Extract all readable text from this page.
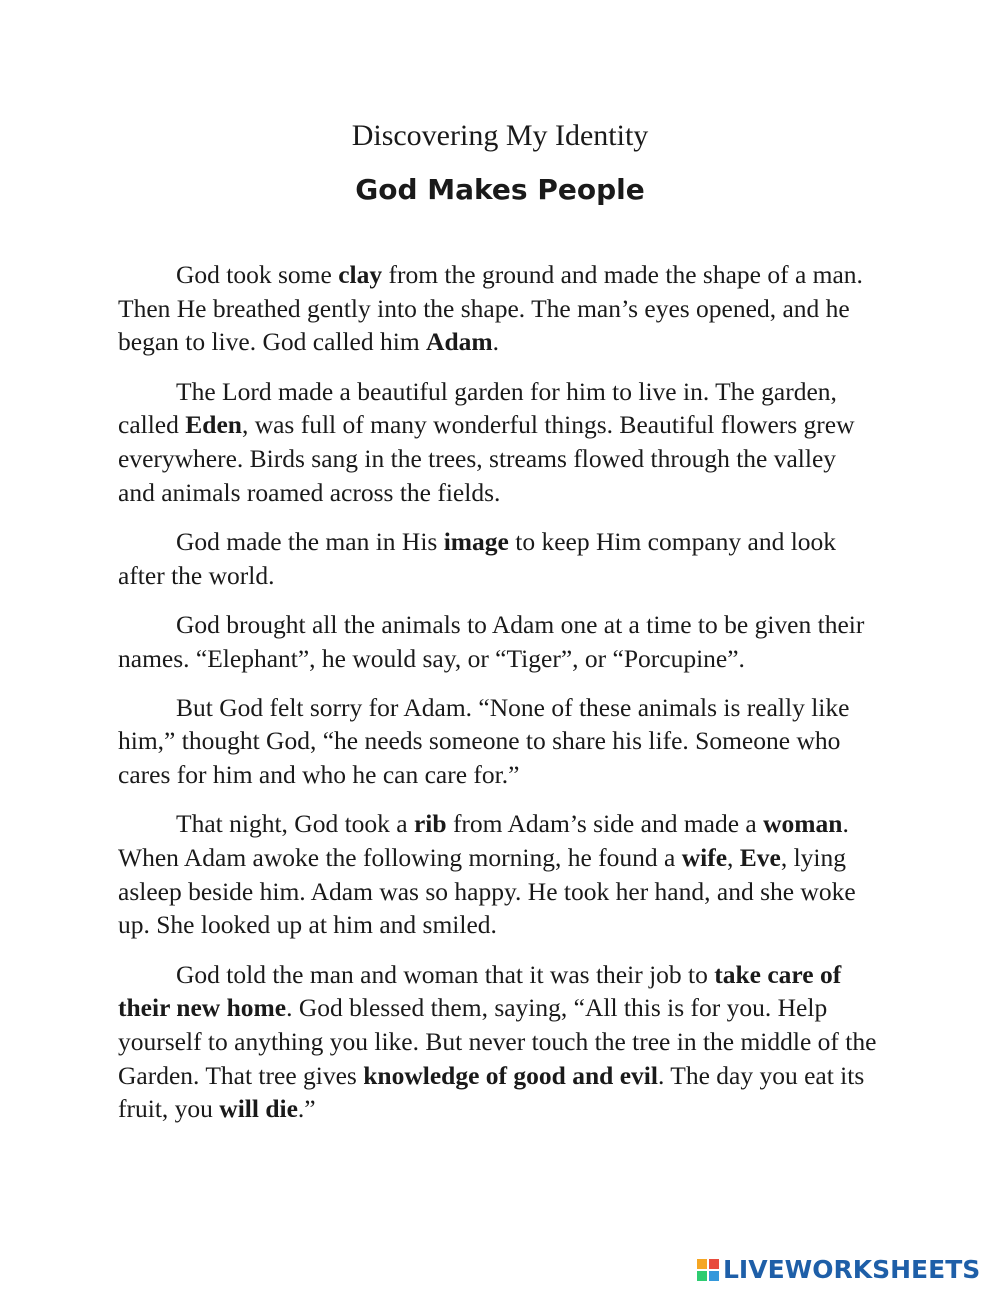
Discovering My Identity
God Makes People

God took some clay from the ground and made the shape of a man. Then He breathed gently into the shape. The man’s eyes opened, and he began to live. God called him Adam.

The Lord made a beautiful garden for him to live in. The garden, called Eden, was full of many wonderful things. Beautiful flowers grew everywhere. Birds sang in the trees, streams flowed through the valley and animals roamed across the fields.

God made the man in His image to keep Him company and look after the world.

God brought all the animals to Adam one at a time to be given their names. “Elephant”, he would say, or “Tiger”, or “Porcupine”.

But God felt sorry for Adam. “None of these animals is really like him,” thought God, “he needs someone to share his life. Someone who cares for him and who he can care for.”

That night, God took a rib from Adam’s side and made a woman. When Adam awoke the following morning, he found a wife, Eve, lying asleep beside him. Adam was so happy. He took her hand, and she woke up. She looked up at him and smiled.

God told the man and woman that it was their job to take care of their new home. God blessed them, saying, “All this is for you. Help yourself to anything you like. But never touch the tree in the middle of the Garden. That tree gives knowledge of good and evil. The day you eat its fruit, you will die.”

LIVEWORKSHEETS
